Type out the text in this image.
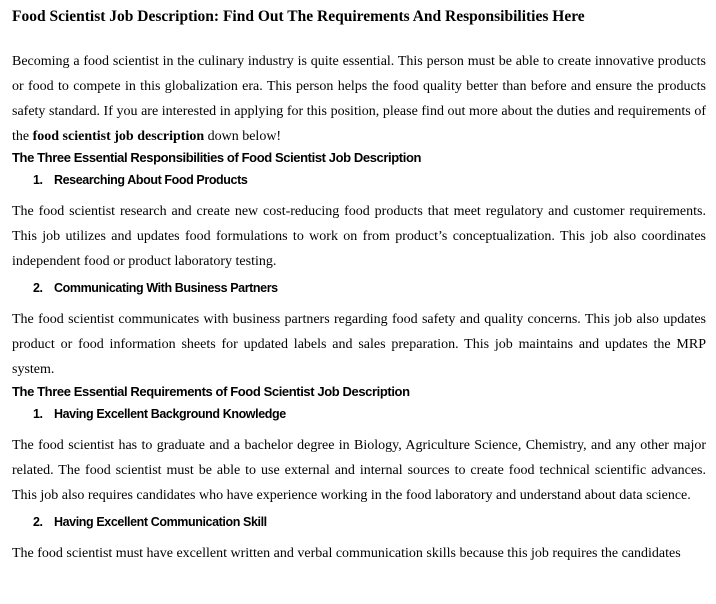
Food Scientist Job Description: Find Out The Requirements And Responsibilities Here

Becoming a food scientist in the culinary industry is quite essential. This person must be able to create innovative products or food to compete in this globalization era. This person helps the food quality better than before and ensure the products safety standard. If you are interested in applying for this position, please find out more about the duties and requirements of the food scientist job description down below!

The Three Essential Responsibilities of Food Scientist Job Description
1. Researching About Food Products

The food scientist research and create new cost-reducing food products that meet regulatory and customer requirements. This job utilizes and updates food formulations to work on from product’s conceptualization. This job also coordinates independent food or product laboratory testing.

2. Communicating With Business Partners

The food scientist communicates with business partners regarding food safety and quality concerns. This job also updates product or food information sheets for updated labels and sales preparation. This job maintains and updates the MRP system.

The Three Essential Requirements of Food Scientist Job Description
1. Having Excellent Background Knowledge

The food scientist has to graduate and a bachelor degree in Biology, Agriculture Science, Chemistry, and any other major related. The food scientist must be able to use external and internal sources to create food technical scientific advances. This job also requires candidates who have experience working in the food laboratory and understand about data science.

2. Having Excellent Communication Skill

The food scientist must have excellent written and verbal communication skills because this job requires the candidates
